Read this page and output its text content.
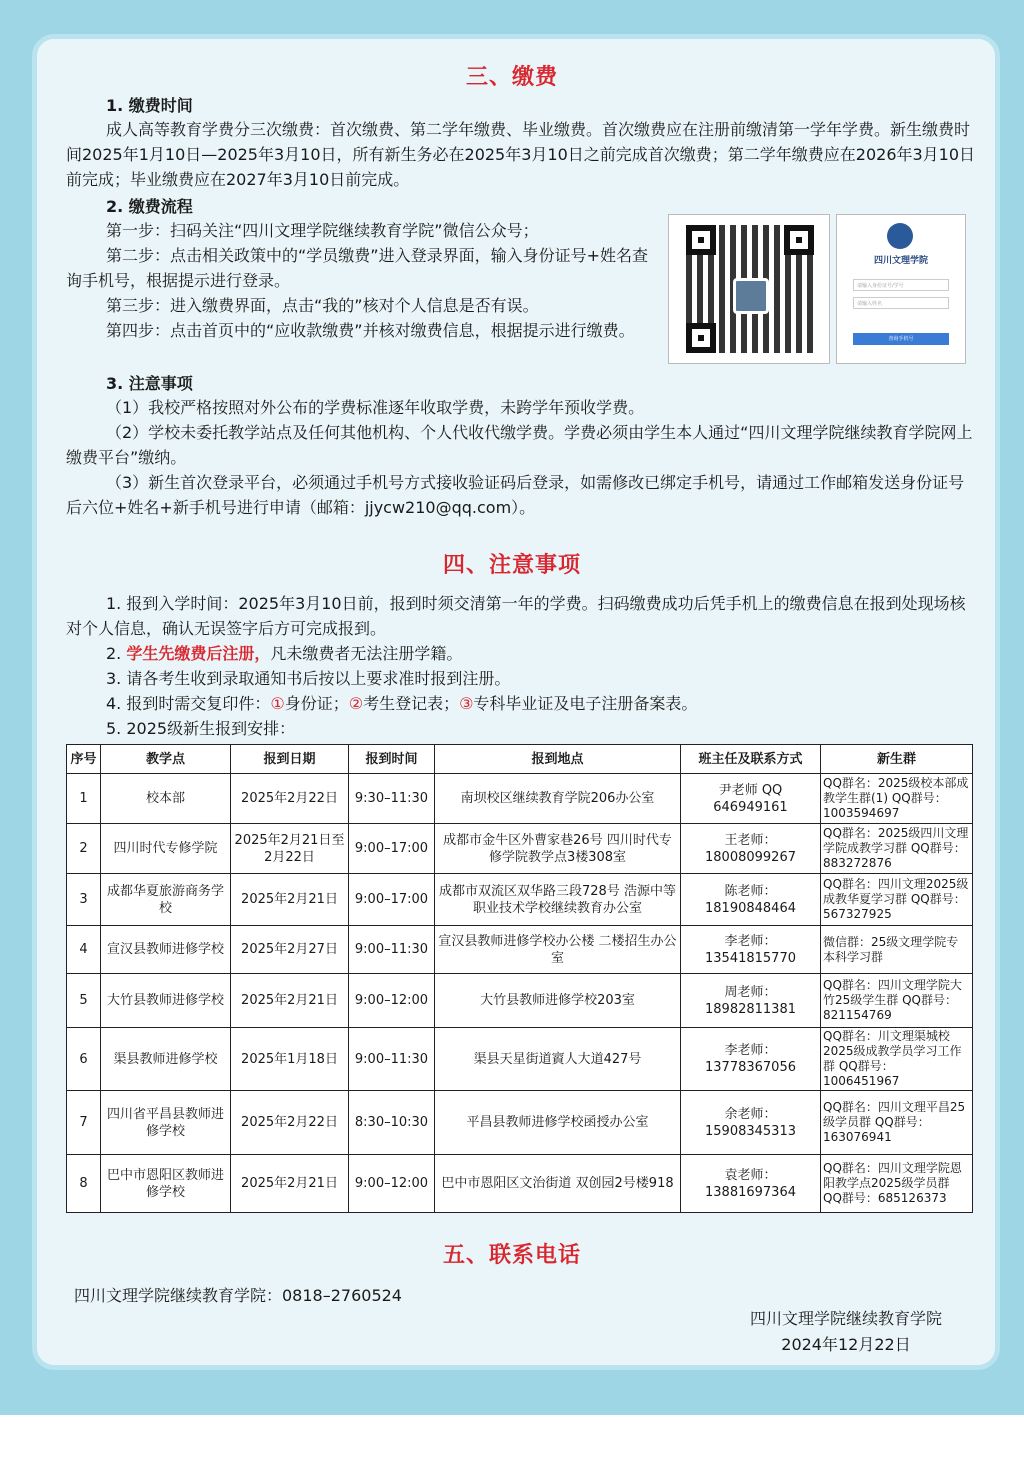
三、缴费
1. 缴费时间
成人高等教育学费分三次缴费：首次缴费、第二学年缴费、毕业缴费。首次缴费应在注册前缴清第一学年学费。新生缴费时间2025年1月10日—2025年3月10日，所有新生务必在2025年3月10日之前完成首次缴费；第二学年缴费应在2026年3月10日前完成；毕业缴费应在2027年3月10日前完成。
2. 缴费流程
第一步：扫码关注“四川文理学院继续教育学院”微信公众号；
第二步：点击相关政策中的“学员缴费”进入登录界面，输入身份证号+姓名查询手机号，根据提示进行登录。
第三步：进入缴费界面，点击“我的”核对个人信息是否有误。
第四步：点击首页中的“应收款缴费”并核对缴费信息，根据提示进行缴费。
四川文理学院
请输入身份证号/学号
请输入姓名
查询手机号
3. 注意事项
（1）我校严格按照对外公布的学费标准逐年收取学费，未跨学年预收学费。
（2）学校未委托教学站点及任何其他机构、个人代收代缴学费。学费必须由学生本人通过“四川文理学院继续教育学院网上缴费平台”缴纳。
（3）新生首次登录平台，必须通过手机号方式接收验证码后登录，如需修改已绑定手机号，请通过工作邮箱发送身份证号后六位+姓名+新手机号进行申请（邮箱：jjycw210@qq.com）。
四、注意事项
1. 报到入学时间：2025年3月10日前，报到时须交清第一年的学费。扫码缴费成功后凭手机上的缴费信息在报到处现场核对个人信息，确认无误签字后方可完成报到。
2. 学生先缴费后注册，凡未缴费者无法注册学籍。
3. 请各考生收到录取通知书后按以上要求准时报到注册。
4. 报到时需交复印件：①身份证；②考生登记表；③专科毕业证及电子注册备案表。
5. 2025级新生报到安排：
序号	教学点	报到日期	报到时间	报到地点	班主任及联系方式	新生群
1	校本部	2025年2月22日	9:30–11:30	南坝校区继续教育学院206办公室	尹老师 QQ 646949161	QQ群名：2025级校本部成教学生群(1) QQ群号：1003594697
2	四川时代专修学院	2025年2月21日至2月22日	9:00–17:00	成都市金牛区外曹家巷26号 四川时代专修学院教学点3楼308室	王老师：18008099267	QQ群名：2025级四川文理学院成教学习群 QQ群号：883272876
3	成都华夏旅游商务学校	2025年2月21日	9:00–17:00	成都市双流区双华路三段728号 浩源中等职业技术学校继续教育办公室	陈老师：18190848464	QQ群名：四川文理2025级成教华夏学习群 QQ群号：567327925
4	宣汉县教师进修学校	2025年2月27日	9:00–11:30	宣汉县教师进修学校办公楼 二楼招生办公室	李老师：13541815770	微信群：25级文理学院专本科学习群
5	大竹县教师进修学校	2025年2月21日	9:00–12:00	大竹县教师进修学校203室	周老师： 18982811381	QQ群名：四川文理学院大竹25级学生群 QQ群号：821154769
6	渠县教师进修学校	2025年1月18日	9:00–11:30	渠县天星街道賨人大道427号	李老师：13778367056	QQ群名：川文理渠城校2025级成教学员学习工作群 QQ群号：1006451967
7	四川省平昌县教师进修学校	2025年2月22日	8:30–10:30	平昌县教师进修学校函授办公室	余老师：15908345313	QQ群名：四川文理平昌25级学员群 QQ群号：163076941
8	巴中市恩阳区教师进修学校	2025年2月21日	9:00–12:00	巴中市恩阳区文治街道 双创园2号楼918	袁老师： 13881697364	QQ群名：四川文理学院恩阳教学点2025级学员群 QQ群号：685126373
五、联系电话
四川文理学院继续教育学院：0818–2760524
四川文理学院继续教育学院
2024年12月22日
